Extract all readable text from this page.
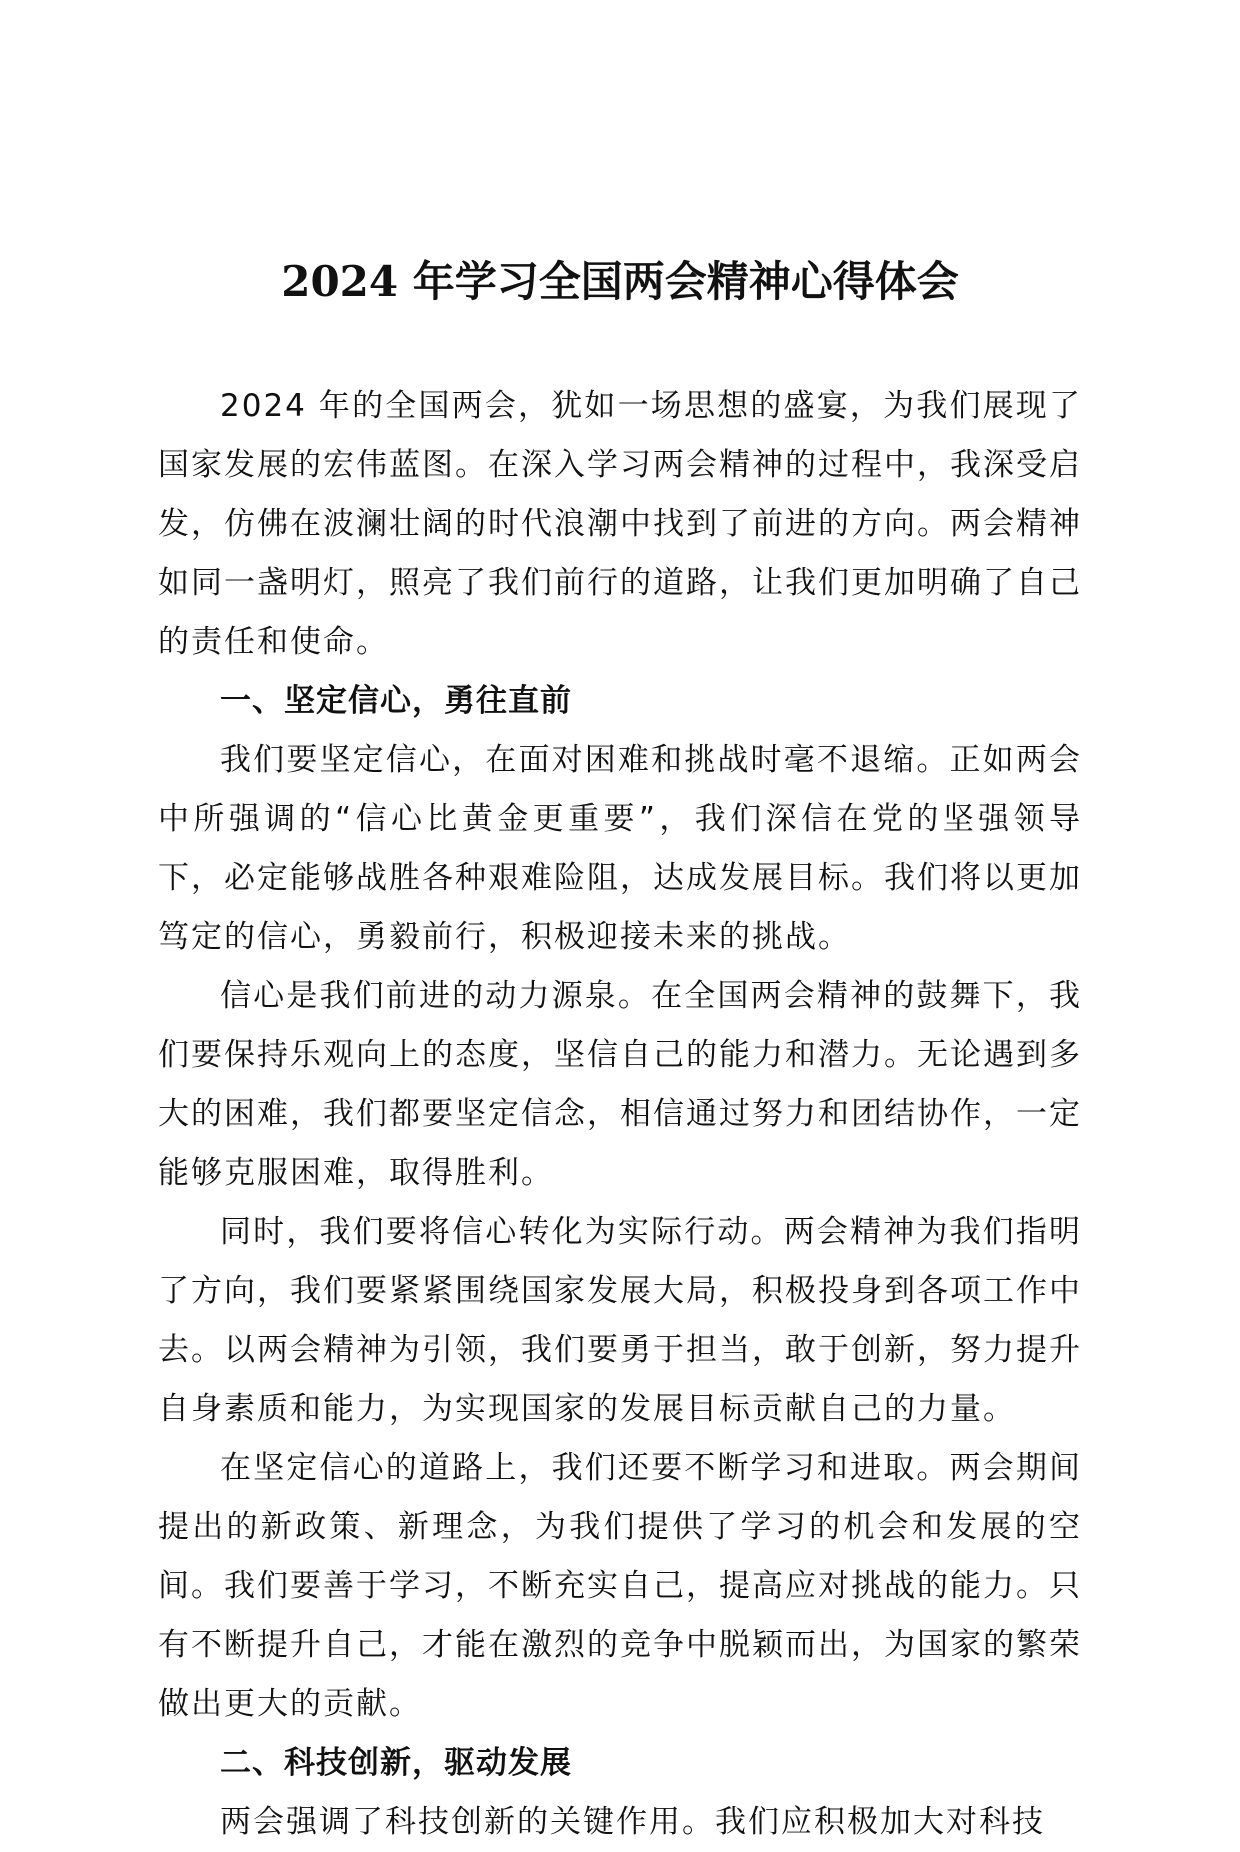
2024 年学习全国两会精神心得体会

2024 年的全国两会，犹如一场思想的盛宴，为我们展现了国家发展的宏伟蓝图。在深入学习两会精神的过程中，我深受启发，仿佛在波澜壮阔的时代浪潮中找到了前进的方向。两会精神如同一盏明灯，照亮了我们前行的道路，让我们更加明确了自己的责任和使命。

一、坚定信心，勇往直前

我们要坚定信心，在面对困难和挑战时毫不退缩。正如两会中所强调的“信心比黄金更重要”，我们深信在党的坚强领导下，必定能够战胜各种艰难险阻，达成发展目标。我们将以更加笃定的信心，勇毅前行，积极迎接未来的挑战。

信心是我们前进的动力源泉。在全国两会精神的鼓舞下，我们要保持乐观向上的态度，坚信自己的能力和潜力。无论遇到多大的困难，我们都要坚定信念，相信通过努力和团结协作，一定能够克服困难，取得胜利。

同时，我们要将信心转化为实际行动。两会精神为我们指明了方向，我们要紧紧围绕国家发展大局，积极投身到各项工作中去。以两会精神为引领，我们要勇于担当，敢于创新，努力提升自身素质和能力，为实现国家的发展目标贡献自己的力量。

在坚定信心的道路上，我们还要不断学习和进取。两会期间提出的新政策、新理念，为我们提供了学习的机会和发展的空间。我们要善于学习，不断充实自己，提高应对挑战的能力。只有不断提升自己，才能在激烈的竞争中脱颖而出，为国家的繁荣做出更大的贡献。

二、科技创新，驱动发展

两会强调了科技创新的关键作用。我们应积极加大对科技
